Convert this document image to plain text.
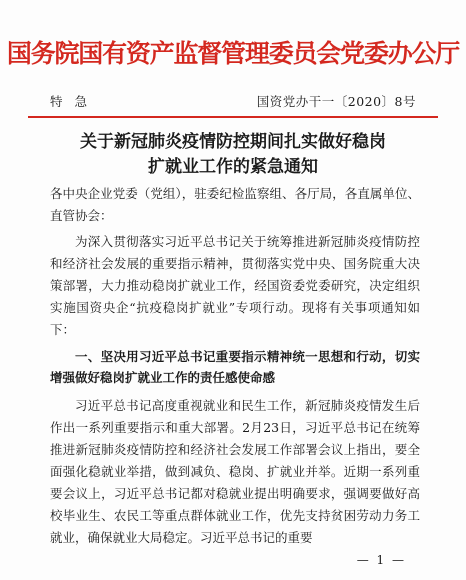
国务院国有资产监督管理委员会党委办公厅
特急	国资党办干一〔2020〕8号
关于新冠肺炎疫情防控期间扎实做好稳岗
扩就业工作的紧急通知
各中央企业党委（党组），驻委纪检监察组、各厅局，各直属单位、直管协会：
为深入贯彻落实习近平总书记关于统筹推进新冠肺炎疫情防控和经济社会发展的重要指示精神，贯彻落实党中央、国务院重大决策部署，大力推动稳岗扩就业工作，经国资委党委研究，决定组织实施国资央企“抗疫稳岗扩就业”专项行动。现将有关事项通知如下：
一、坚决用习近平总书记重要指示精神统一思想和行动，切实增强做好稳岗扩就业工作的责任感使命感
习近平总书记高度重视就业和民生工作，新冠肺炎疫情发生后作出一系列重要指示和重大部署。2月23日，习近平总书记在统筹推进新冠肺炎疫情防控和经济社会发展工作部署会议上指出，要全面强化稳就业举措，做到减负、稳岗、扩就业并举。近期一系列重要会议上，习近平总书记都对稳就业提出明确要求，强调要做好高校毕业生、农民工等重点群体就业工作，优先支持贫困劳动力务工就业，确保就业大局稳定。习近平总书记的重要
— 1 —
